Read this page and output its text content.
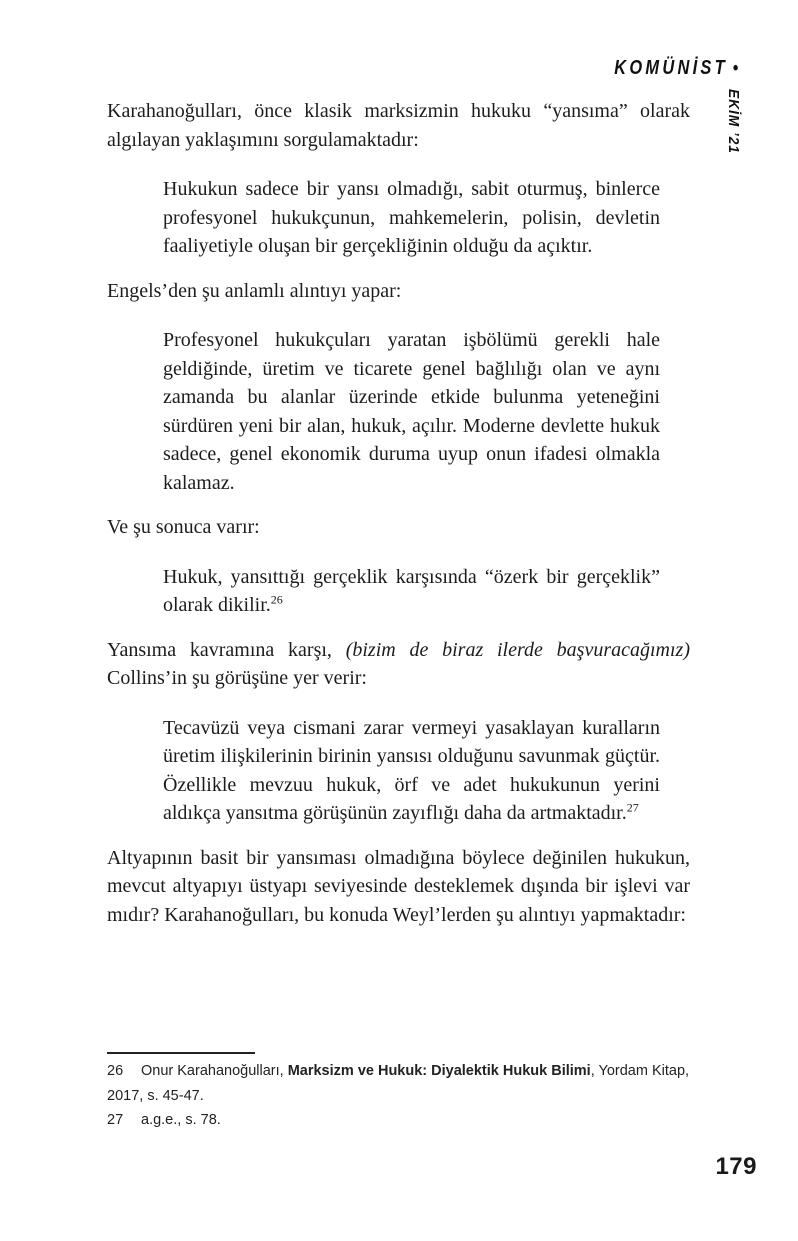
KOMÜNİST •
EKİM ’21

Karahanoğulları, önce klasik marksizmin hukuku “yansıma” olarak algılayan yaklaşımını sorgulamaktadır:

Hukukun sadece bir yansı olmadığı, sabit oturmuş, binlerce profesyonel hukukçunun, mahkemelerin, polisin, devletin faaliyetiyle oluşan bir gerçekliğinin olduğu da açıktır.

Engels’den şu anlamlı alıntıyı yapar:

Profesyonel hukukçuları yaratan işbölümü gerekli hale geldiğinde, üretim ve ticarete genel bağlılığı olan ve aynı zamanda bu alanlar üzerinde etkide bulunma yeteneğini sürdüren yeni bir alan, hukuk, açılır. Moderne devlette hukuk sadece, genel ekonomik duruma uyup onun ifadesi olmakla kalamaz.

Ve şu sonuca varır:

Hukuk, yansıttığı gerçeklik karşısında “özerk bir gerçeklik” olarak dikilir.$^{26}$

Yansıma kavramına karşı, (bizim de biraz ilerde başvuracağımız) Collins’in şu görüşüne yer verir:

Tecavüzü veya cismani zarar vermeyi yasaklayan kuralların üretim ilişkilerinin birinin yansısı olduğunu savunmak güçtür. Özellikle mevzuu hukuk, örf ve adet hukukunun yerini aldıkça yansıtma görüşünün zayıflığı daha da artmaktadır.$^{27}$

Altyapının basit bir yansıması olmadığına böylece değinilen hukukun, mevcut altyapıyı üstyapı seviyesinde desteklemek dışında bir işlevi var mıdır? Karahanoğulları, bu konuda Weyl’lerden şu alıntıyı yapmaktadır:

26 Onur Karahanoğulları, Marksizm ve Hukuk: Diyalektik Hukuk Bilimi, Yordam Kitap, 2017, s. 45-47.

27 a.g.e., s. 78.

179
